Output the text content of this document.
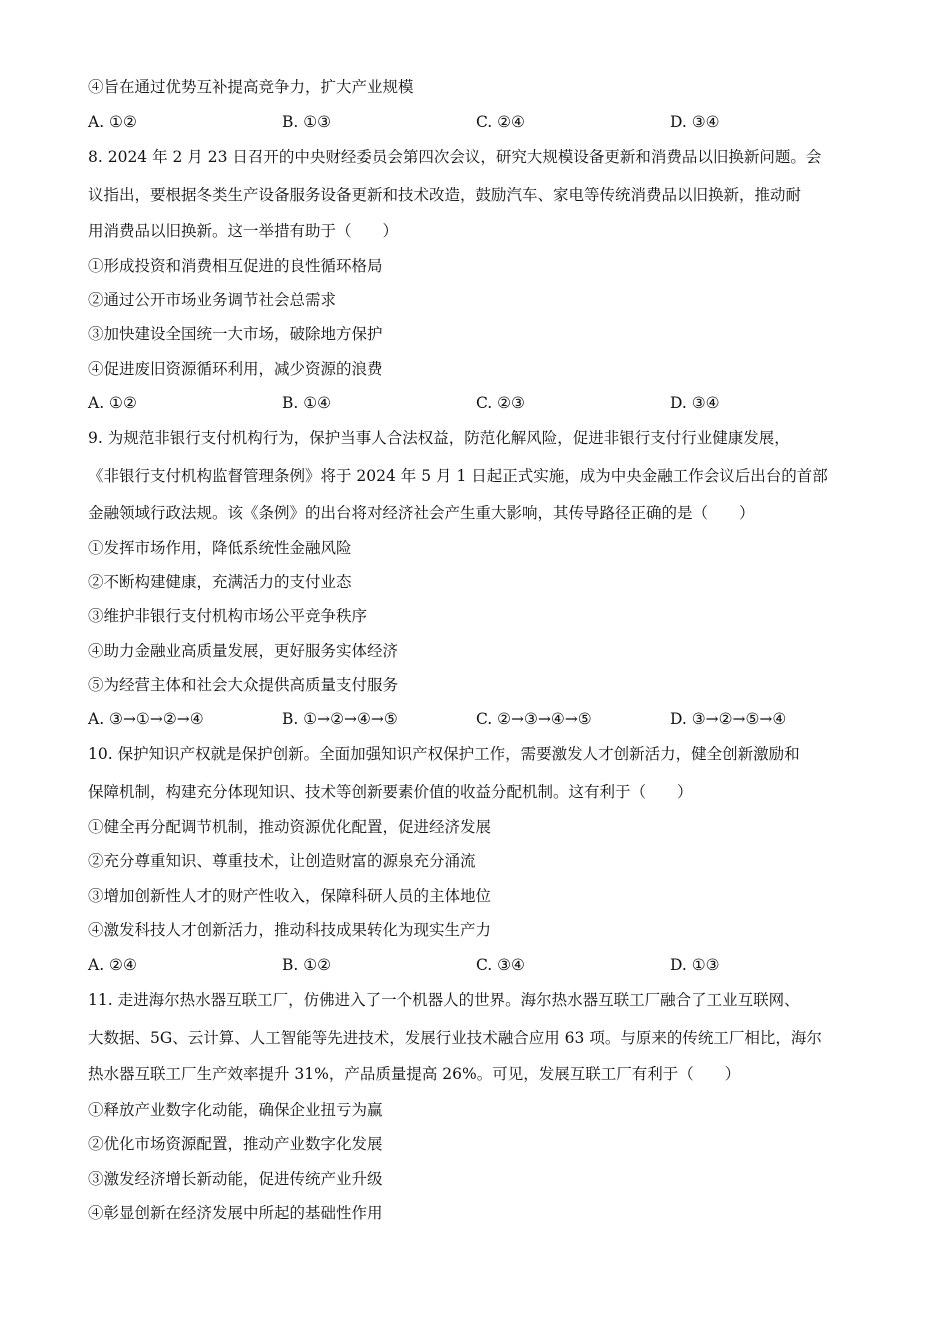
④旨在通过优势互补提高竞争力，扩大产业规模
A. ①②	B. ①③	C. ②④	D. ③④
8. 2024 年 2 月 23 日召开的中央财经委员会第四次会议，研究大规模设备更新和消费品以旧换新问题。会
议指出，要根据冬类生产设备服务设备更新和技术改造，鼓励汽车、家电等传统消费品以旧换新，推动耐
用消费品以旧换新。这一举措有助于（　　）
①形成投资和消费相互促进的良性循环格局
②通过公开市场业务调节社会总需求
③加快建设全国统一大市场，破除地方保护
④促进废旧资源循环利用，减少资源的浪费
A. ①②	B. ①④	C. ②③	D. ③④
9. 为规范非银行支付机构行为，保护当事人合法权益，防范化解风险，促进非银行支付行业健康发展，
《非银行支付机构监督管理条例》将于 2024 年 5 月 1 日起正式实施，成为中央金融工作会议后出台的首部
金融领域行政法规。该《条例》的出台将对经济社会产生重大影响，其传导路径正确的是（　　）
①发挥市场作用，降低系统性金融风险
②不断构建健康，充满活力的支付业态
③维护非银行支付机构市场公平竞争秩序
④助力金融业高质量发展，更好服务实体经济
⑤为经营主体和社会大众提供高质量支付服务
A. ③→①→②→④	B. ①→②→④→⑤	C. ②→③→④→⑤	D. ③→②→⑤→④
10. 保护知识产权就是保护创新。全面加强知识产权保护工作，需要激发人才创新活力，健全创新激励和
保障机制，构建充分体现知识、技术等创新要素价值的收益分配机制。这有利于（　　）
①健全再分配调节机制，推动资源优化配置，促进经济发展
②充分尊重知识、尊重技术，让创造财富的源泉充分涌流
③增加创新性人才的财产性收入，保障科研人员的主体地位
④激发科技人才创新活力，推动科技成果转化为现实生产力
A. ②④	B. ①②	C. ③④	D. ①③
11. 走进海尔热水器互联工厂，仿佛进入了一个机器人的世界。海尔热水器互联工厂融合了工业互联网、
大数据、5G、云计算、人工智能等先进技术，发展行业技术融合应用 63 项。与原来的传统工厂相比，海尔
热水器互联工厂生产效率提升 31%，产品质量提高 26%。可见，发展互联工厂有利于（　　）
①释放产业数字化动能，确保企业扭亏为赢
②优化市场资源配置，推动产业数字化发展
③激发经济增长新动能，促进传统产业升级
④彰显创新在经济发展中所起的基础性作用
